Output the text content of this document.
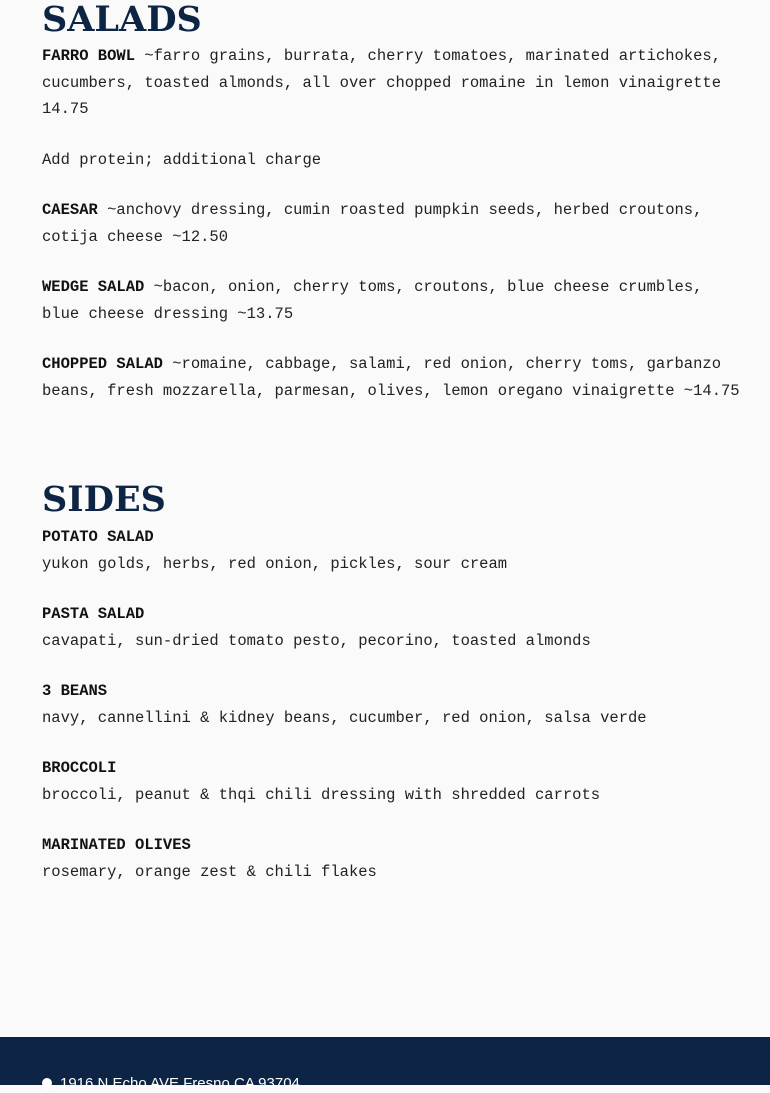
SALADS
FARRO BOWL ~farro grains, burrata, cherry tomatoes, marinated artichokes, cucumbers, toasted almonds, all over chopped romaine in lemon vinaigrette 14.75
Add protein; additional charge
CAESAR ~anchovy dressing, cumin roasted pumpkin seeds, herbed croutons, cotija cheese ~12.50
WEDGE SALAD ~bacon, onion, cherry toms, croutons, blue cheese crumbles, blue cheese dressing ~13.75
CHOPPED SALAD ~romaine, cabbage, salami, red onion, cherry toms, garbanzo beans, fresh mozzarella, parmesan, olives, lemon oregano vinaigrette ~14.75
SIDES
POTATO SALAD
yukon golds, herbs, red onion, pickles, sour cream
PASTA SALAD
cavapati, sun-dried tomato pesto, pecorino, toasted almonds
3 BEANS
navy, cannellini & kidney beans, cucumber, red onion, salsa verde
BROCCOLI
broccoli, peanut & thqi chili dressing with shredded carrots
MARINATED OLIVES
rosemary, orange zest & chili flakes
1916 N Echo AVE Fresno CA 93704
